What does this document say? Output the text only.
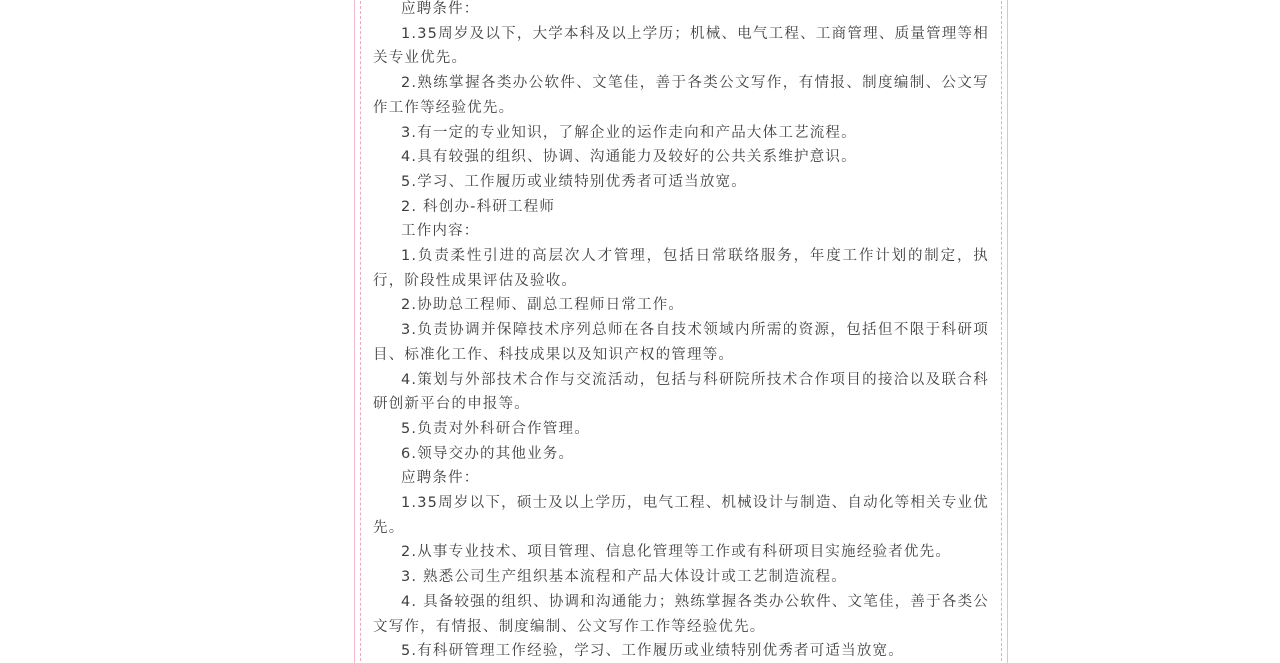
应聘条件：

1.35周岁及以下，大学本科及以上学历；机械、电气工程、工商管理、质量管理等相关专业优先。

2.熟练掌握各类办公软件、文笔佳，善于各类公文写作，有情报、制度编制、公文写作工作等经验优先。

3.有一定的专业知识，了解企业的运作走向和产品大体工艺流程。

4.具有较强的组织、协调、沟通能力及较好的公共关系维护意识。

5.学习、工作履历或业绩特别优秀者可适当放宽。

2. 科创办-科研工程师

工作内容：

1.负责柔性引进的高层次人才管理，包括日常联络服务，年度工作计划的制定，执行，阶段性成果评估及验收。

2.协助总工程师、副总工程师日常工作。

3.负责协调并保障技术序列总师在各自技术领域内所需的资源，包括但不限于科研项目、标准化工作、科技成果以及知识产权的管理等。

4.策划与外部技术合作与交流活动，包括与科研院所技术合作项目的接洽以及联合科研创新平台的申报等。

5.负责对外科研合作管理。

6.领导交办的其他业务。

应聘条件：

1.35周岁以下，硕士及以上学历，电气工程、机械设计与制造、自动化等相关专业优先。

2.从事专业技术、项目管理、信息化管理等工作或有科研项目实施经验者优先。

3. 熟悉公司生产组织基本流程和产品大体设计或工艺制造流程。

4. 具备较强的组织、协调和沟通能力；熟练掌握各类办公软件、文笔佳，善于各类公文写作，有情报、制度编制、公文写作工作等经验优先。

5.有科研管理工作经验，学习、工作履历或业绩特别优秀者可适当放宽。
